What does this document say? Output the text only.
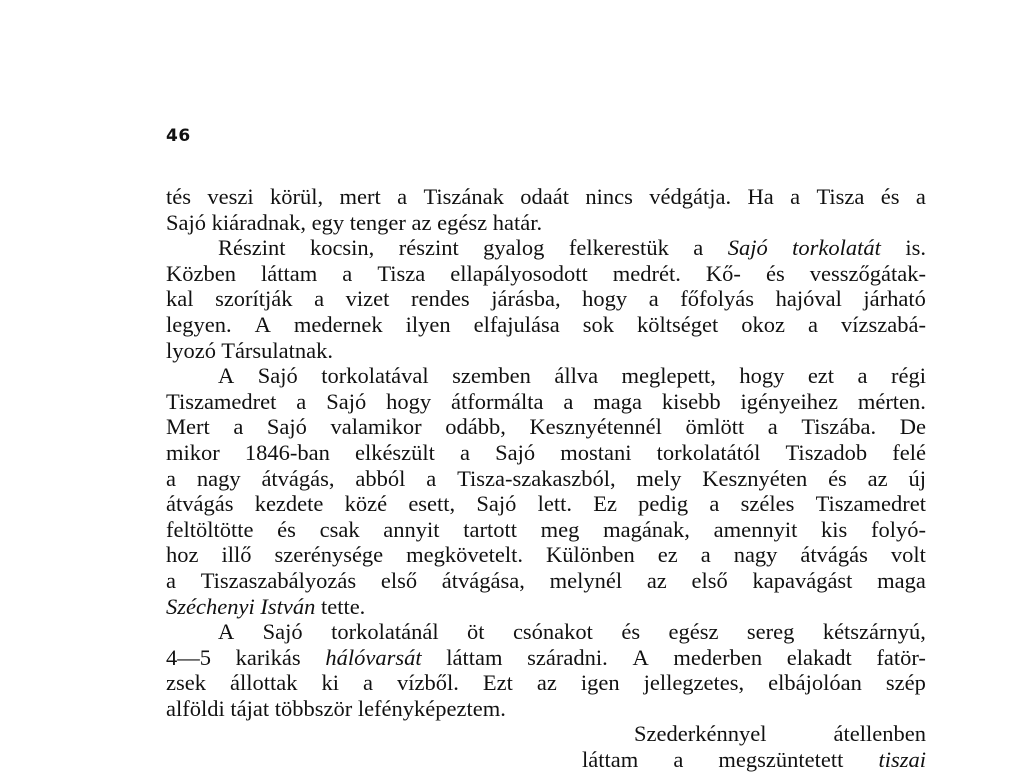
46
tés veszi körül, mert a Tiszának odaát nincs védgátja. Ha a Tisza és a
Sajó kiáradnak, egy tenger az egész határ.
Részint kocsin, részint gyalog felkerestük a Sajó torkolatát is.
Közben láttam a Tisza ellapályosodott medrét. Kő- és vesszőgátak-
kal szorítják a vizet rendes járásba, hogy a főfolyás hajóval járható
legyen. A medernek ilyen elfajulása sok költséget okoz a vízszabá-
lyozó Társulatnak.
A Sajó torkolatával szemben állva meglepett, hogy ezt a régi
Tiszamedret a Sajó hogy átformálta a maga kisebb igényeihez mérten.
Mert a Sajó valamikor odább, Kesznyétennél ömlött a Tiszába. De
mikor 1846-ban elkészült a Sajó mostani torkolatától Tiszadob felé
a nagy átvágás, abból a Tisza-szakaszból, mely Kesznyéten és az új
átvágás kezdete közé esett, Sajó lett. Ez pedig a széles Tiszamedret
feltöltötte és csak annyit tartott meg magának, amennyit kis folyó-
hoz illő szerénysége megkövetelt. Különben ez a nagy átvágás volt
a Tiszaszabályozás első átvágása, melynél az első kapavágást maga
Széchenyi István tette.
A Sajó torkolatánál öt csónakot és egész sereg kétszárnyú,
4—5 karikás hálóvarsát láttam száradni. A mederben elakadt fatör-
zsek állottak ki a vízből. Ezt az igen jellegzetes, elbájolóan szép
alföldi tájat többször lefényképeztem.
Szederkénnyel	átellenben
láttam a megszüntetett tiszai
